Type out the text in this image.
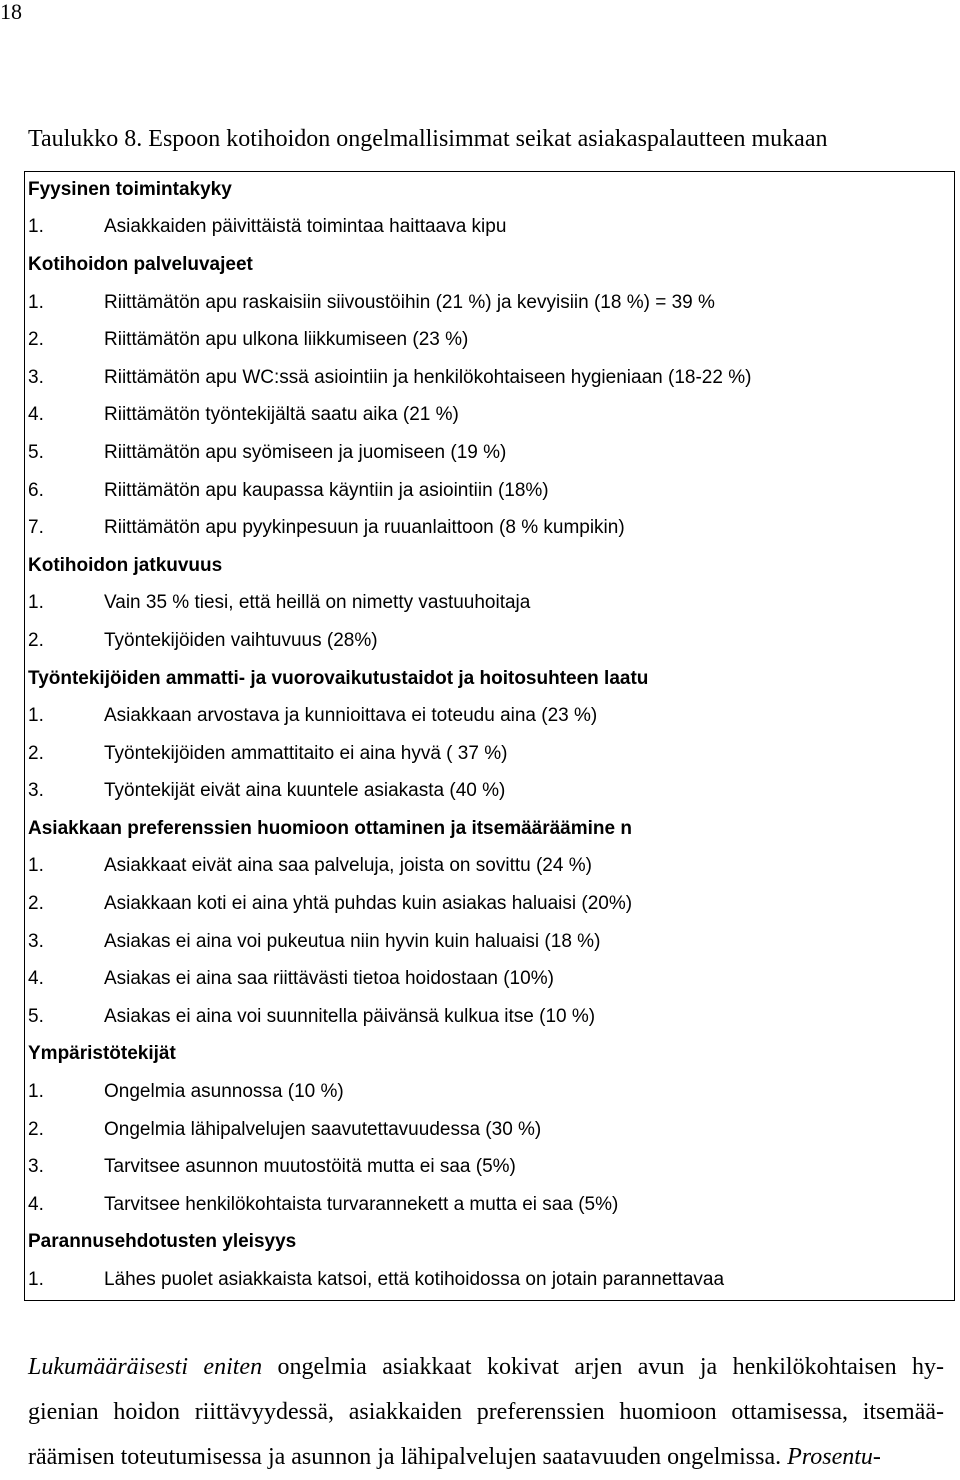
18
Taulukko 8. Espoon kotihoidon ongelmallisimmat seikat asiakaspalautteen mukaan
Fyysinen toimintakyky
1.	Asiakkaiden päivittäistä toimintaa haittaava kipu
Kotihoidon palveluvajeet
1.	Riittämätön apu raskaisiin siivoustöihin (21 %) ja kevyisiin (18 %) = 39 %
2.	Riittämätön apu ulkona liikkumiseen (23 %)
3.	Riittämätön apu WC:ssä asiointiin ja henkilökohtaiseen hygieniaan (18-22 %)
4.	Riittämätön työntekijältä saatu aika (21 %)
5.	Riittämätön apu syömiseen ja juomiseen (19 %)
6.	Riittämätön apu kaupassa käyntiin ja asiointiin (18%)
7.	Riittämätön apu pyykinpesuun ja ruuanlaittoon (8 % kumpikin)
Kotihoidon jatkuvuus
1.	Vain 35 % tiesi, että heillä on nimetty vastuuhoitaja
2.	Työntekijöiden vaihtuvuus (28%)
Työntekijöiden ammatti- ja vuorovaikutustaidot ja hoitosuhteen laatu
1.	Asiakkaan arvostava ja kunnioittava ei toteudu aina (23 %)
2.	Työntekijöiden ammattitaito ei aina hyvä ( 37 %)
3.	Työntekijät eivät aina kuuntele asiakasta (40 %)
Asiakkaan preferenssien huomioon ottaminen ja itsemääräämine n
1.	Asiakkaat eivät aina saa palveluja, joista on sovittu (24 %)
2.	Asiakkaan koti ei aina yhtä puhdas kuin asiakas haluaisi (20%)
3.	Asiakas ei aina voi pukeutua niin hyvin kuin haluaisi (18 %)
4.	Asiakas ei aina saa riittävästi tietoa hoidostaan (10%)
5.	Asiakas ei aina voi suunnitella päivänsä kulkua itse (10 %)
Ympäristötekijät
1.	Ongelmia asunnossa (10 %)
2.	Ongelmia lähipalvelujen saavutettavuudessa (30 %)
3.	Tarvitsee asunnon muutostöitä mutta ei saa (5%)
4.	Tarvitsee henkilökohtaista turvarannekett a mutta ei saa (5%)
Parannusehdotusten yleisyys
1.	Lähes puolet asiakkaista katsoi, että kotihoidossa on jotain parannettavaa
Lukumääräisesti eniten ongelmia asiakkaat kokivat arjen avun ja henkilökohtaisen hy-
gienian hoidon riittävyydessä, asiakkaiden preferenssien huomioon ottamisessa, itsemää-
räämisen toteutumisessa ja asunnon ja lähipalvelujen saatavuuden ongelmissa. Prosentu-
